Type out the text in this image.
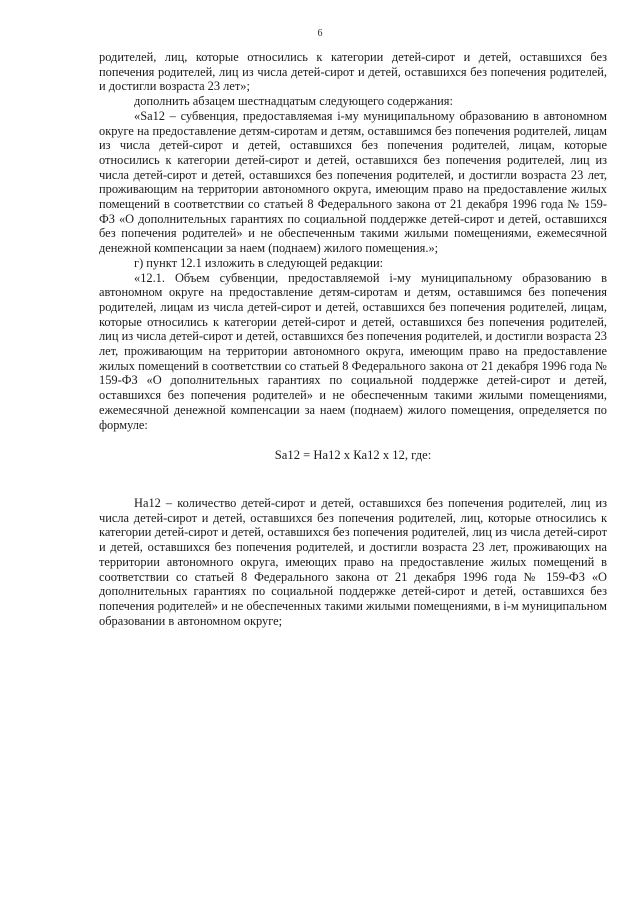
6

родителей, лиц, которые относились к категории детей-сирот и детей, оставшихся без попечения родителей, лиц из числа детей-сирот и детей, оставшихся без попечения родителей, и достигли возраста 23 лет»;

дополнить абзацем шестнадцатым следующего содержания:

«Sa12 – субвенция, предоставляемая i-му муниципальному образованию в автономном округе на предоставление детям-сиротам и детям, оставшимся без попечения родителей, лицам из числа детей-сирот и детей, оставшихся без попечения родителей, лицам, которые относились к категории детей-сирот и детей, оставшихся без попечения родителей, лиц из числа детей-сирот и детей, оставшихся без попечения родителей, и достигли возраста 23 лет, проживающим на территории автономного округа, имеющим право на предоставление жилых помещений в соответствии со статьей 8 Федерального закона от 21 декабря 1996 года № 159-ФЗ «О дополнительных гарантиях по социальной поддержке детей-сирот и детей, оставшихся без попечения родителей» и не обеспеченным такими жилыми помещениями, ежемесячной денежной компенсации за наем (поднаем) жилого помещения.»;

г) пункт 12.1 изложить в следующей редакции:

«12.1. Объем субвенции, предоставляемой i-му муниципальному образованию в автономном округе на предоставление детям-сиротам и детям, оставшимся без попечения родителей, лицам из числа детей-сирот и детей, оставшихся без попечения родителей, лицам, которые относились к категории детей-сирот и детей, оставшихся без попечения родителей, лиц из числа детей-сирот и детей, оставшихся без попечения родителей, и достигли возраста 23 лет, проживающим на территории автономного округа, имеющим право на предоставление жилых помещений в соответствии со статьей 8 Федерального закона от 21 декабря 1996 года № 159-ФЗ «О дополнительных гарантиях по социальной поддержке детей-сирот и детей, оставшихся без попечения родителей» и не обеспеченным такими жилыми помещениями, ежемесячной денежной компенсации за наем (поднаем) жилого помещения, определяется по формуле:

Sa12 = На12 х Ка12 х 12, где:

На12 – количество детей-сирот и детей, оставшихся без попечения родителей, лиц из числа детей-сирот и детей, оставшихся без попечения родителей, лиц, которые относились к категории детей-сирот и детей, оставшихся без попечения родителей, лиц из числа детей-сирот и детей, оставшихся без попечения родителей, и достигли возраста 23 лет, проживающих на территории автономного округа, имеющих право на предоставление жилых помещений в соответствии со статьей 8 Федерального закона от 21 декабря 1996 года № 159-ФЗ «О дополнительных гарантиях по социальной поддержке детей-сирот и детей, оставшихся без попечения родителей» и не обеспеченных такими жилыми помещениями, в i-м муниципальном образовании в автономном округе;
